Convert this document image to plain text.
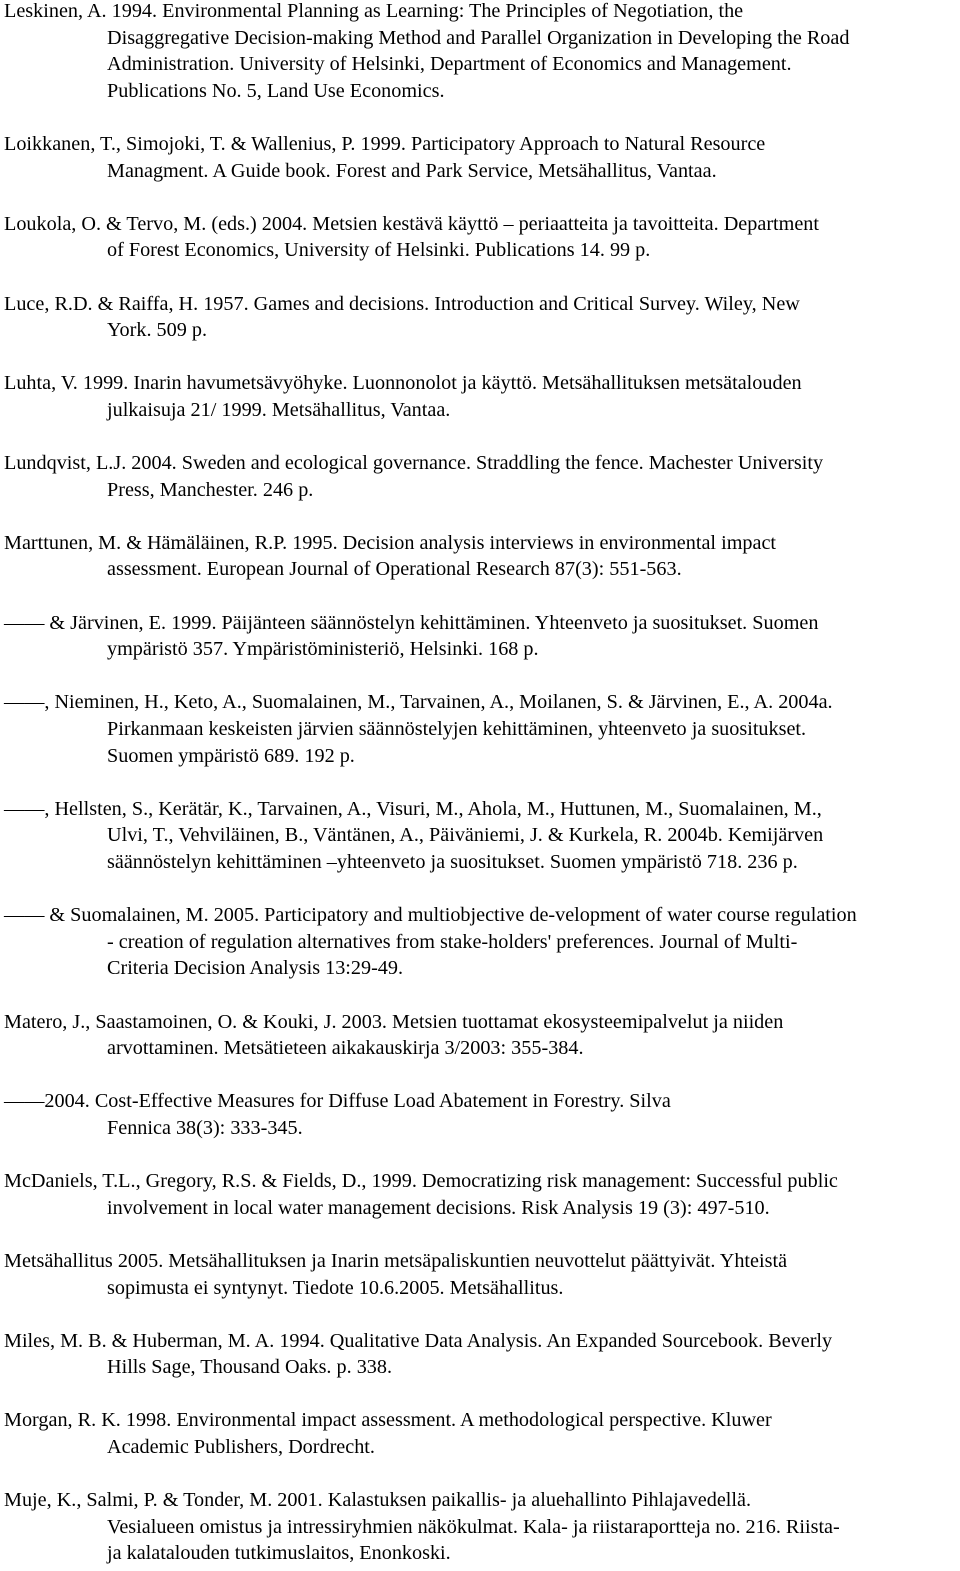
Leskinen, A. 1994. Environmental Planning as Learning: The Principles of Negotiation, the
Disaggregative Decision-making Method and Parallel Organization in Developing the Road
Administration. University of Helsinki, Department of Economics and Management.
Publications No. 5, Land Use Economics.
Loikkanen, T., Simojoki, T. & Wallenius, P. 1999. Participatory Approach to Natural Resource
Managment. A Guide book. Forest and Park Service, Metsähallitus, Vantaa.
Loukola, O. & Tervo, M. (eds.) 2004. Metsien kestävä käyttö – periaatteita ja tavoitteita. Department
of Forest Economics, University of Helsinki. Publications 14. 99 p.
Luce, R.D. & Raiffa, H. 1957. Games and decisions. Introduction and Critical Survey. Wiley, New
York. 509 p.
Luhta, V. 1999. Inarin havumetsävyöhyke. Luonnonolot ja käyttö. Metsähallituksen metsätalouden
julkaisuja 21/ 1999. Metsähallitus, Vantaa.
Lundqvist, L.J. 2004. Sweden and ecological governance. Straddling the fence. Machester University
Press, Manchester. 246 p.
Marttunen, M. & Hämäläinen, R.P. 1995. Decision analysis interviews in environmental impact
assessment. European Journal of Operational Research 87(3): 551-563.
—— & Järvinen, E. 1999. Päijänteen säännöstelyn kehittäminen. Yhteenveto ja suositukset. Suomen
ympäristö 357. Ympäristöministeriö, Helsinki. 168 p.
——, Nieminen, H., Keto, A., Suomalainen, M., Tarvainen, A., Moilanen, S. & Järvinen, E., A. 2004a.
Pirkanmaan keskeisten järvien säännöstelyjen kehittäminen, yhteenveto ja suositukset.
Suomen ympäristö 689. 192 p.
——, Hellsten, S., Kerätär, K., Tarvainen, A., Visuri, M., Ahola, M., Huttunen, M., Suomalainen, M.,
Ulvi, T., Vehviläinen, B., Väntänen, A., Päiväniemi, J. & Kurkela, R. 2004b. Kemijärven
säännöstelyn kehittäminen –yhteenveto ja suositukset. Suomen ympäristö 718. 236 p.
—— & Suomalainen, M. 2005. Participatory and multiobjective de-velopment of water course regulation
- creation of regulation alternatives from stake-holders' preferences. Journal of Multi-
Criteria Decision Analysis 13:29-49.
Matero, J., Saastamoinen, O. & Kouki, J. 2003. Metsien tuottamat ekosysteemipalvelut ja niiden
arvottaminen. Metsätieteen aikakauskirja 3/2003: 355-384.
——2004. Cost-Effective Measures for Diffuse Load Abatement in Forestry. Silva
Fennica 38(3): 333-345.
McDaniels, T.L., Gregory, R.S. & Fields, D., 1999. Democratizing risk management: Successful public
involvement in local water management decisions. Risk Analysis 19 (3): 497-510.
Metsähallitus 2005. Metsähallituksen ja Inarin metsäpaliskuntien neuvottelut päättyivät. Yhteistä
sopimusta ei syntynyt. Tiedote 10.6.2005. Metsähallitus.
Miles, M. B. & Huberman, M. A. 1994. Qualitative Data Analysis. An Expanded Sourcebook. Beverly
Hills Sage, Thousand Oaks. p. 338.
Morgan, R. K. 1998. Environmental impact assessment. A methodological perspective. Kluwer
Academic Publishers, Dordrecht.
Muje, K., Salmi, P. & Tonder, M. 2001. Kalastuksen paikallis- ja aluehallinto Pihlajavedellä.
Vesialueen omistus ja intressiryhmien näkökulmat. Kala- ja riistaraportteja no. 216. Riista-
ja kalatalouden tutkimuslaitos, Enonkoski.
